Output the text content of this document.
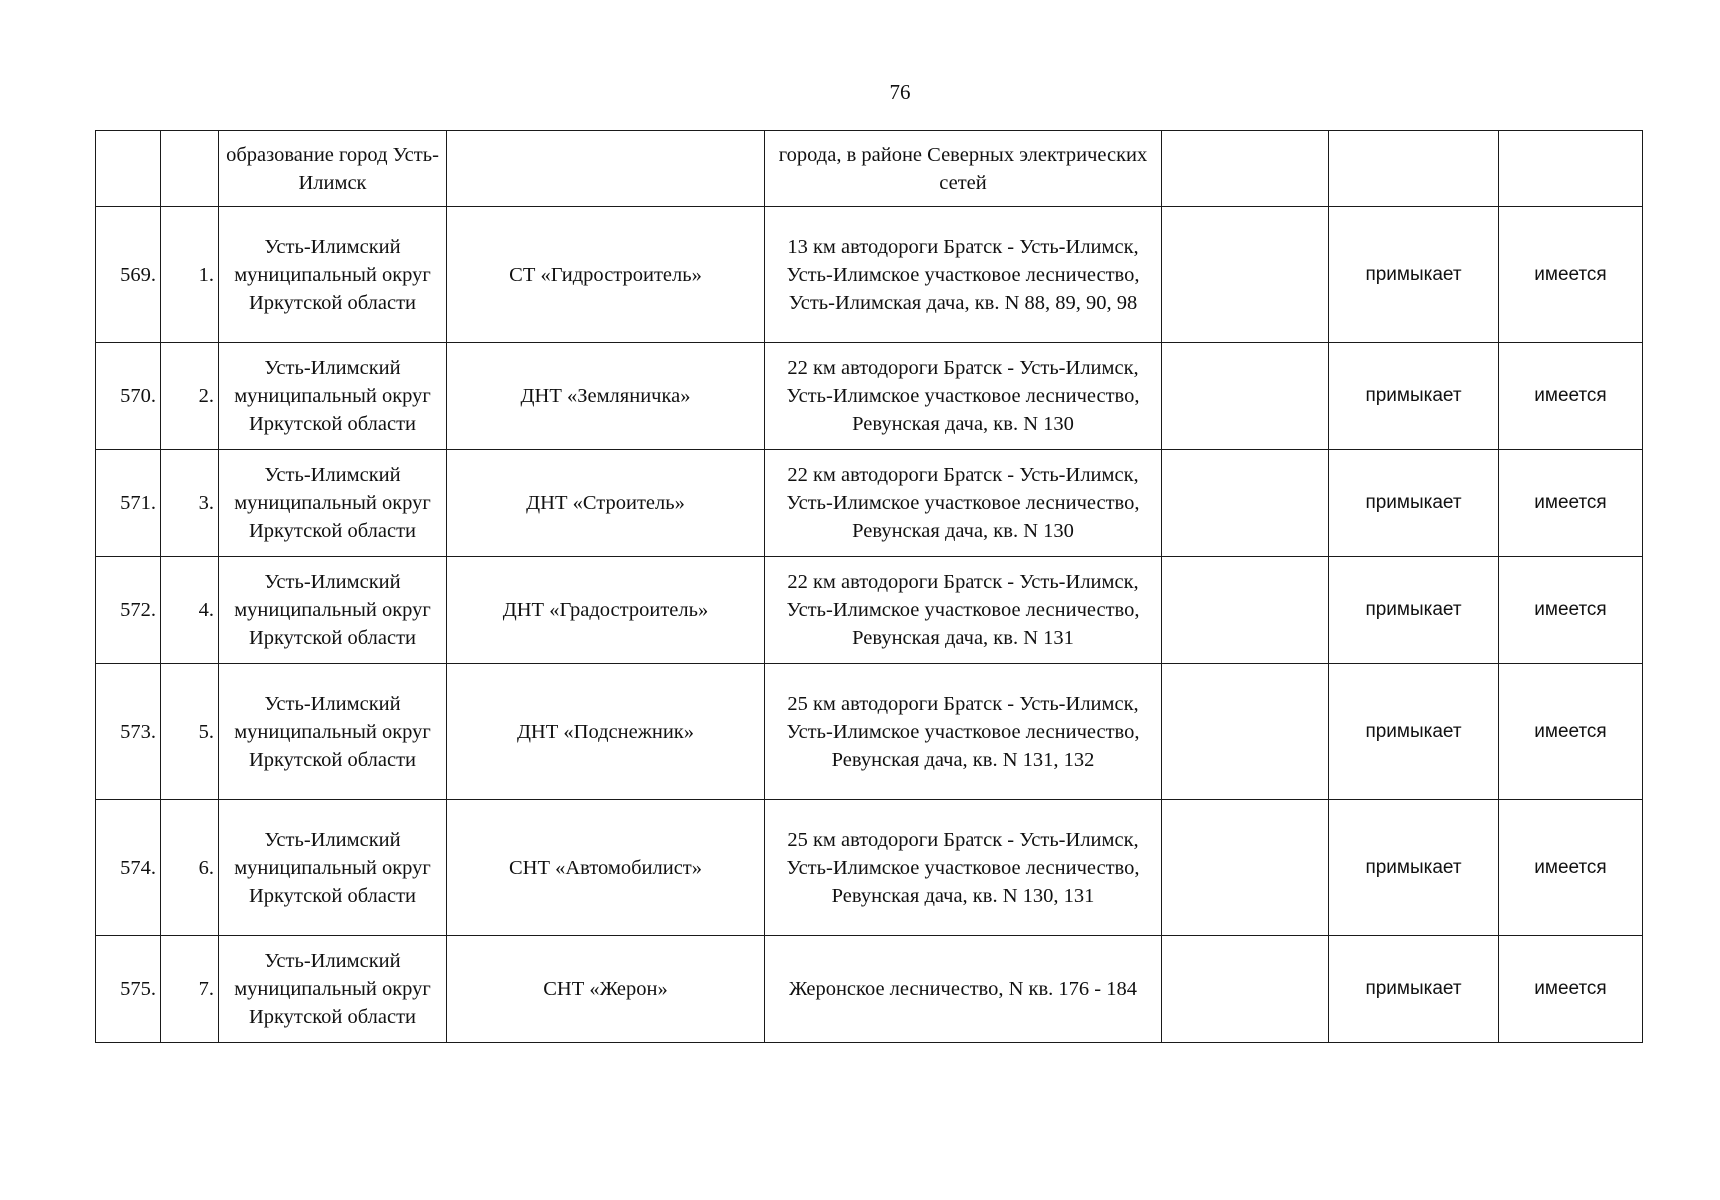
76
		образование город Усть-Илимск		города, в районе Северных электрических сетей			
569.	1.	Усть-Илимский муниципальный округ Иркутской области	СТ «Гидростроитель»	13 км автодороги Братск - Усть-Илимск, Усть-Илимское участковое лесничество, Усть-Илимская дача, кв. N 88, 89, 90, 98		примыкает	имеется
570.	2.	Усть-Илимский муниципальный округ Иркутской области	ДНТ «Земляничка»	22 км автодороги Братск - Усть-Илимск, Усть-Илимское участковое лесничество, Ревунская дача, кв. N 130		примыкает	имеется
571.	3.	Усть-Илимский муниципальный округ Иркутской области	ДНТ «Строитель»	22 км автодороги Братск - Усть-Илимск, Усть-Илимское участковое лесничество, Ревунская дача, кв. N 130		примыкает	имеется
572.	4.	Усть-Илимский муниципальный округ Иркутской области	ДНТ «Градостроитель»	22 км автодороги Братск - Усть-Илимск, Усть-Илимское участковое лесничество, Ревунская дача, кв. N 131		примыкает	имеется
573.	5.	Усть-Илимский муниципальный округ Иркутской области	ДНТ «Подснежник»	25 км автодороги Братск - Усть-Илимск, Усть-Илимское участковое лесничество, Ревунская дача, кв. N 131, 132		примыкает	имеется
574.	6.	Усть-Илимский муниципальный округ Иркутской области	СНТ «Автомобилист»	25 км автодороги Братск - Усть-Илимск, Усть-Илимское участковое лесничество, Ревунская дача, кв. N 130, 131		примыкает	имеется
575.	7.	Усть-Илимский муниципальный округ Иркутской области	СНТ «Жерон»	Жеронское лесничество, N кв. 176 - 184		примыкает	имеется
